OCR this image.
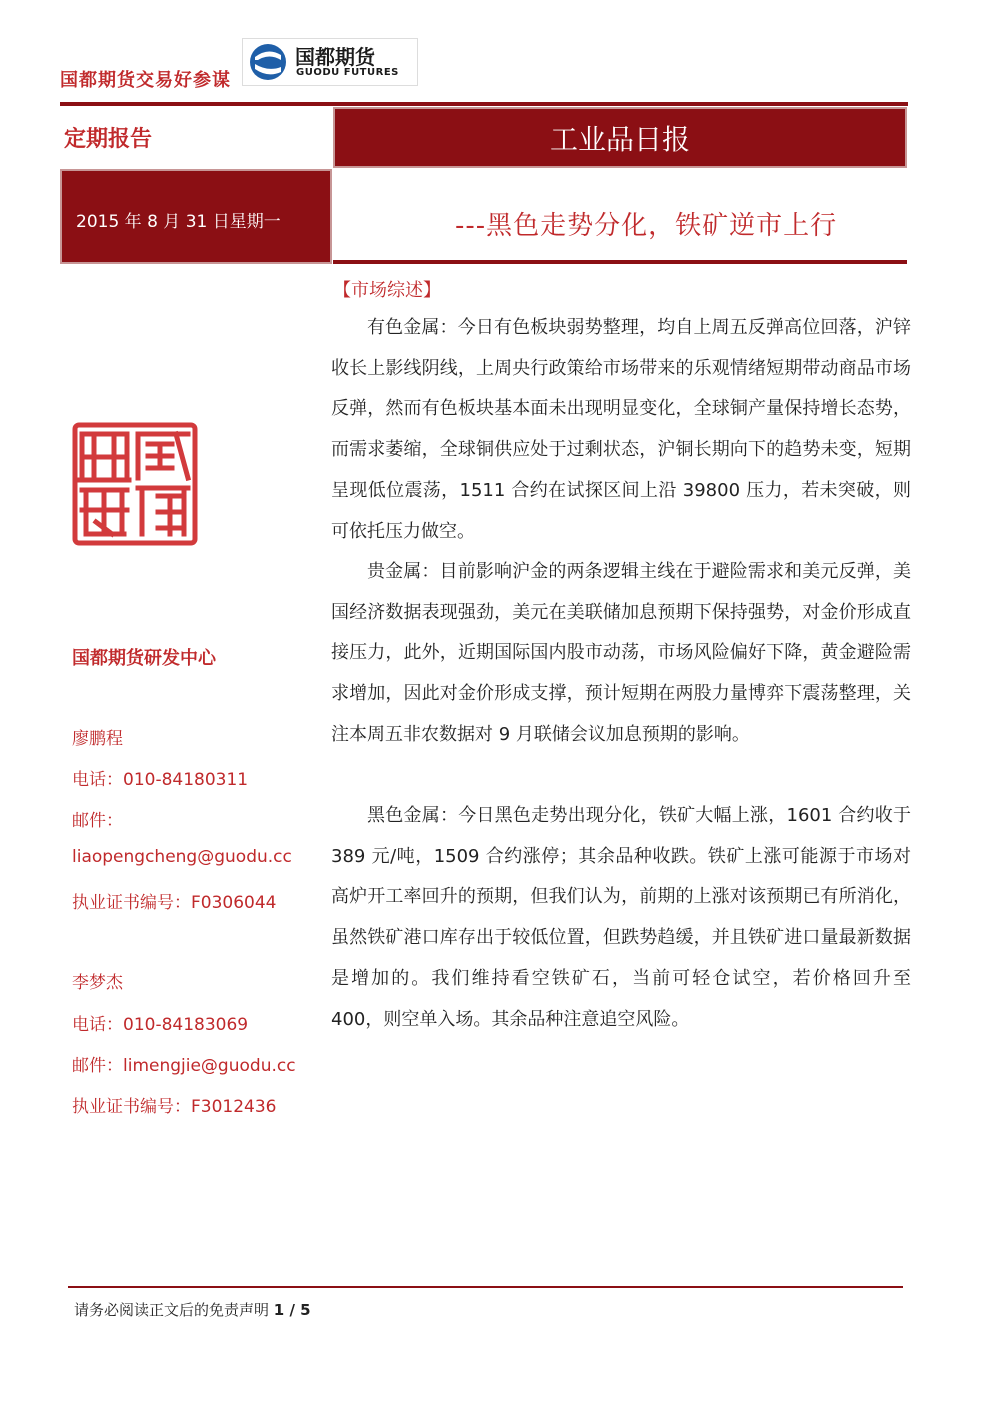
国都期货交易好参谋
国都期货
GUODU FUTURES
定期报告	工业品日报
2015 年 8 月 31 日星期一	---黑色走势分化，铁矿逆市上行
国都期货研发中心
廖鹏程
电话：010-84180311
邮件：
liaopengcheng@guodu.cc
执业证书编号：F0306044
李梦杰
电话：010-84183069
邮件：limengjie@guodu.cc
执业证书编号：F3012436
【市场综述】

有色金属：今日有色板块弱势整理，均自上周五反弹高位回落，沪锌收长上影线阴线，上周央行政策给市场带来的乐观情绪短期带动商品市场反弹，然而有色板块基本面未出现明显变化，全球铜产量保持增长态势，而需求萎缩，全球铜供应处于过剩状态，沪铜长期向下的趋势未变，短期呈现低位震荡，1511 合约在试探区间上沿 39800 压力，若未突破，则可依托压力做空。

贵金属：目前影响沪金的两条逻辑主线在于避险需求和美元反弹，美国经济数据表现强劲，美元在美联储加息预期下保持强势，对金价形成直接压力，此外，近期国际国内股市动荡，市场风险偏好下降，黄金避险需求增加，因此对金价形成支撑，预计短期在两股力量博弈下震荡整理，关注本周五非农数据对 9 月联储会议加息预期的影响。

黑色金属：今日黑色走势出现分化，铁矿大幅上涨，1601 合约收于 389 元/吨，1509 合约涨停；其余品种收跌。铁矿上涨可能源于市场对高炉开工率回升的预期，但我们认为，前期的上涨对该预期已有所消化，虽然铁矿港口库存出于较低位置，但跌势趋缓，并且铁矿进口量最新数据是增加的。我们维持看空铁矿石，当前可轻仓试空，若价格回升至 400，则空单入场。其余品种注意追空风险。

请务必阅读正文后的免责声明 1 / 5
